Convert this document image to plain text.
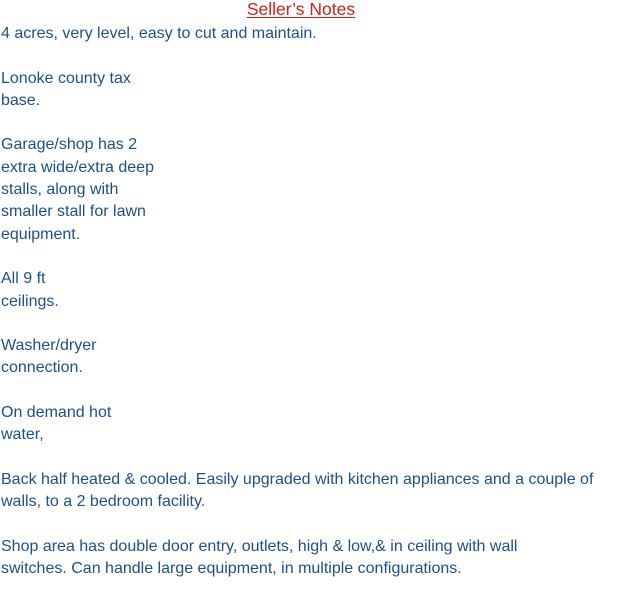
Seller’s Notes

4 acres, very level, easy to cut and maintain.

Lonoke county tax
base.

Garage/shop has 2
extra wide/extra deep
stalls, along with
smaller stall for lawn
equipment.

All 9 ft
ceilings.

Washer/dryer
connection.

On demand hot
water,

Back half heated & cooled. Easily upgraded with kitchen appliances and a couple of
walls, to a 2 bedroom facility.

Shop area has double door entry, outlets, high & low,& in ceiling with wall
switches. Can handle large equipment, in multiple configurations.
